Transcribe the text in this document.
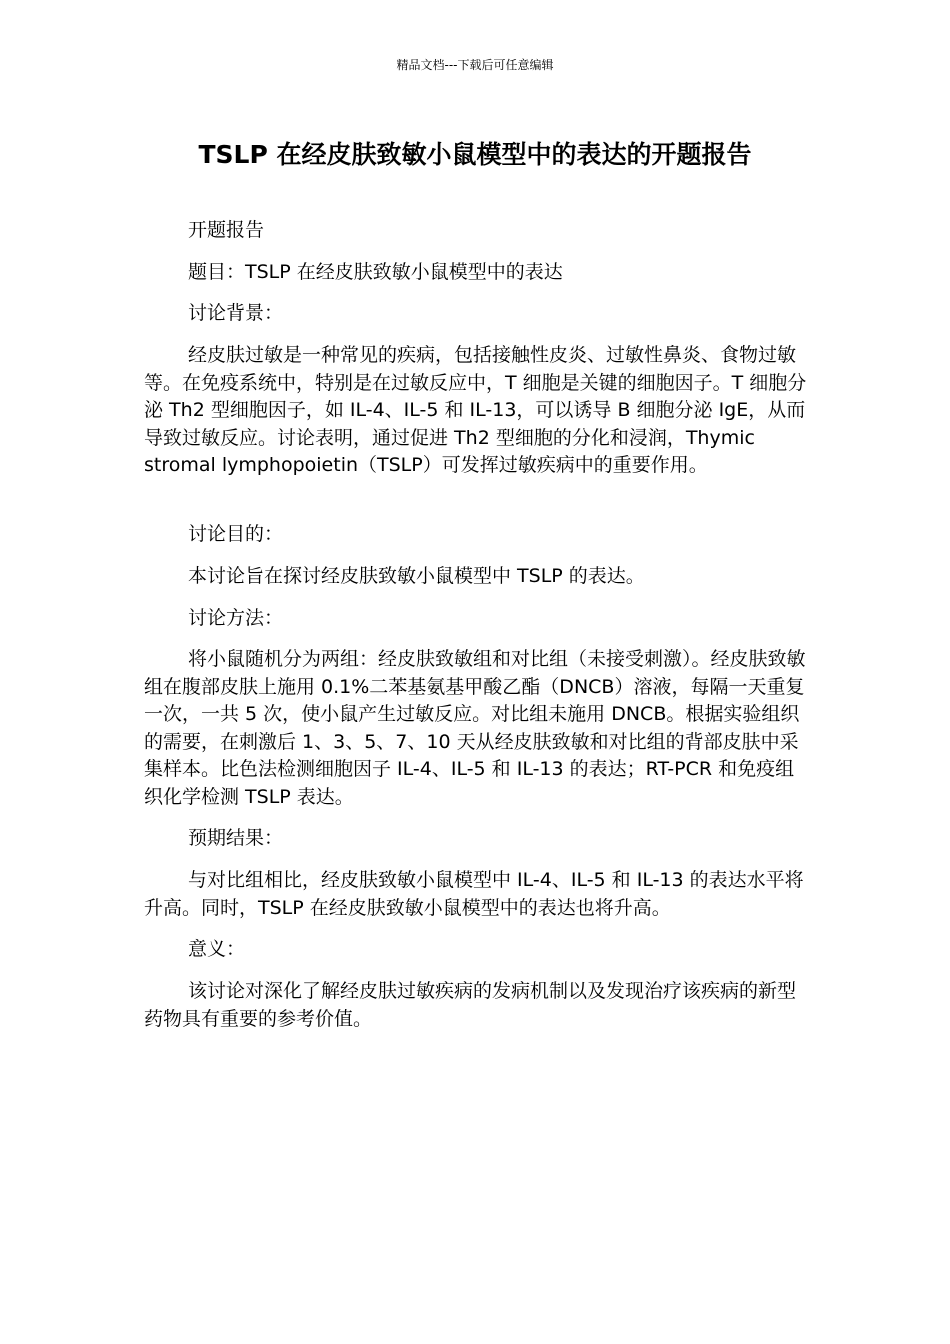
精品文档---下载后可任意编辑
TSLP 在经皮肤致敏小鼠模型中的表达的开题报告

开题报告

题目：TSLP 在经皮肤致敏小鼠模型中的表达

讨论背景：

经皮肤过敏是一种常见的疾病，包括接触性皮炎、过敏性鼻炎、食物过敏等。在免疫系统中，特别是在过敏反应中，T 细胞是关键的细胞因子。T 细胞分泌 Th2 型细胞因子，如 IL-4、IL-5 和 IL-13，可以诱导 B 细胞分泌 IgE，从而导致过敏反应。讨论表明，通过促进 Th2 型细胞的分化和浸润，Thymic stromal lymphopoietin（TSLP）可发挥过敏疾病中的重要作用。

讨论目的：

本讨论旨在探讨经皮肤致敏小鼠模型中 TSLP 的表达。

讨论方法：

将小鼠随机分为两组：经皮肤致敏组和对比组（未接受刺激）。经皮肤致敏组在腹部皮肤上施用 0.1%二苯基氨基甲酸乙酯（DNCB）溶液，每隔一天重复一次，一共 5 次，使小鼠产生过敏反应。对比组未施用 DNCB。根据实验组织的需要，在刺激后 1、3、5、7、10 天从经皮肤致敏和对比组的背部皮肤中采集样本。比色法检测细胞因子 IL-4、IL-5 和 IL-13 的表达；RT-PCR 和免疫组织化学检测 TSLP 表达。

预期结果：

与对比组相比，经皮肤致敏小鼠模型中 IL-4、IL-5 和 IL-13 的表达水平将升高。同时，TSLP 在经皮肤致敏小鼠模型中的表达也将升高。

意义：

该讨论对深化了解经皮肤过敏疾病的发病机制以及发现治疗该疾病的新型药物具有重要的参考价值。
